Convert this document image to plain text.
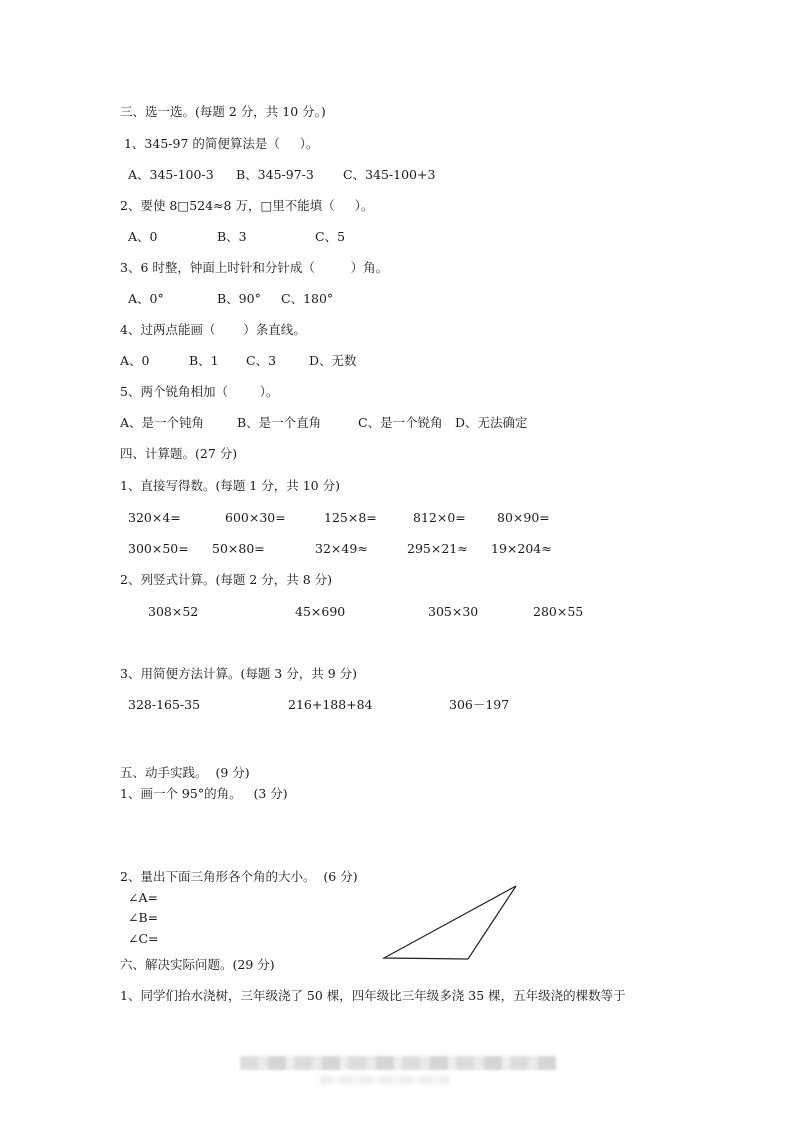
三、选一选。(每题 2 分，共 10 分。)
1、345-97 的简便算法是（     ）。
A、345-100-3 B、345-97-3 C、345-100+3
2、要使 8□524≈8 万，□里不能填（     ）。
A、0	B、3	C、5
3、6 时整，钟面上时针和分针成（         ）角。
A、0°	B、90° C、180°
4、过两点能画（       ）条直线。
A、0	B、1 C、3	D、无数
5、两个锐角相加（        ）。
A、是一个钝角	B、是一个直角	C、是一个锐角 D、无法确定
四、计算题。(27 分)
1、直接写得数。(每题 1 分，共 10 分)
320×4=	600×30=	125×8=	812×0= 80×90=
300×50= 50×80=	32×49≈	295×21≈ 19×204≈
2、列竖式计算。(每题 2 分，共 8 分)
308×52	45×690	305×30	280×55
3、用简便方法计算。(每题 3 分，共 9 分)
328-165-35	216+188+84	306－197
五、动手实践。  (9 分)
1、画一个 95°的角。   (3 分)
2、量出下面三角形各个角的大小。  (6 分)
∠A=
∠B=
∠C=
六、解决实际问题。(29 分)
1、同学们抬水浇树，三年级浇了 50 棵，四年级比三年级多浇 35 棵，五年级浇的棵数等于
